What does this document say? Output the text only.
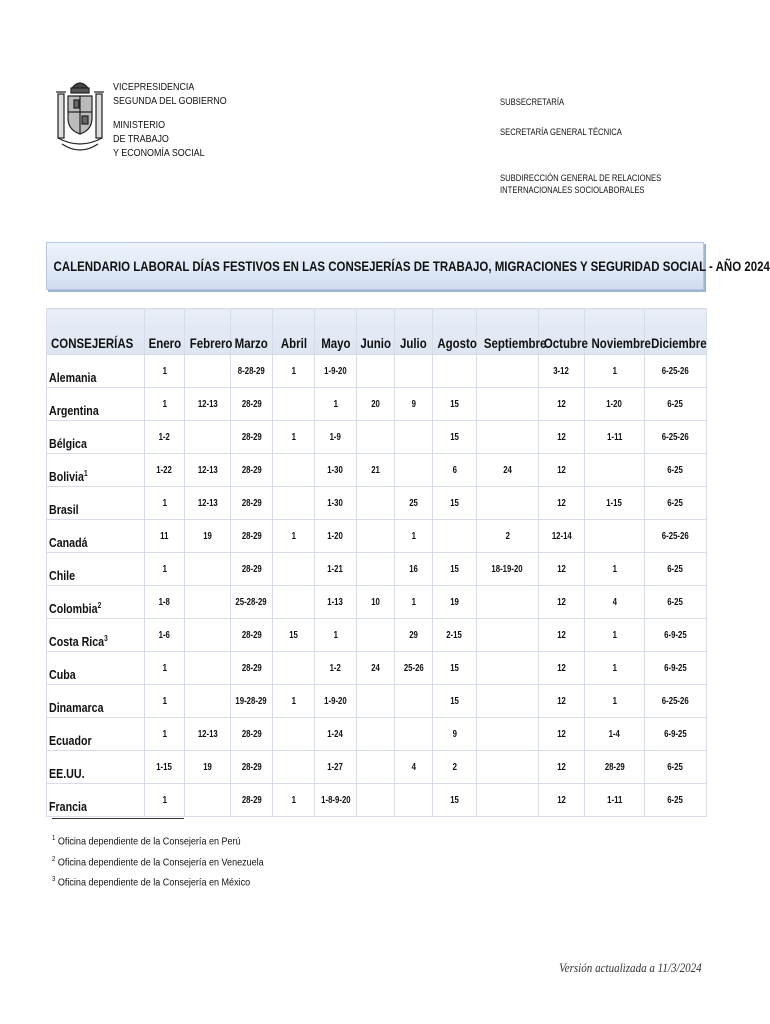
VICEPRESIDENCIA
SEGUNDA DEL GOBIERNO
MINISTERIO
DE TRABAJO
Y ECONOMÍA SOCIAL
SUBSECRETARÍA
SECRETARÍA GENERAL TÉCNICA
SUBDIRECCIÓN GENERAL DE RELACIONES
INTERNACIONALES SOCIOLABORALES
CALENDARIO LABORAL DÍAS FESTIVOS EN LAS CONSEJERÍAS DE TRABAJO, MIGRACIONES Y SEGURIDAD SOCIAL - AÑO 2024
CONSEJERÍAS	Enero	Febrero	Marzo	Abril	Mayo	Junio	Julio	Agosto	Septiembre	Octubre	Noviembre	Diciembre
Alemania	1		8-28-29	1	1-9-20					3-12	1	6-25-26
Argentina	1	12-13	28-29		1	20	9	15		12	1-20	6-25
Bélgica	1-2		28-29	1	1-9			15		12	1-11	6-25-26
Bolivia$^1$	1-22	12-13	28-29		1-30	21		6	24	12		6-25
Brasil	1	12-13	28-29		1-30		25	15		12	1-15	6-25
Canadá	11	19	28-29	1	1-20		1		2	12-14		6-25-26
Chile	1		28-29		1-21		16	15	18-19-20	12	1	6-25
Colombia$^2$	1-8		25-28-29		1-13	10	1	19		12	4	6-25
Costa Rica$^3$	1-6		28-29	15	1		29	2-15		12	1	6-9-25
Cuba	1		28-29		1-2	24	25-26	15		12	1	6-9-25
Dinamarca	1		19-28-29	1	1-9-20			15		12	1	6-25-26
Ecuador	1	12-13	28-29		1-24			9		12	1-4	6-9-25
EE.UU.	1-15	19	28-29		1-27		4	2		12	28-29	6-25
Francia	1		28-29	1	1-8-9-20			15		12	1-11	6-25
$^1$ Oficina dependiente de la Consejería en Perú
$^2$ Oficina dependiente de la Consejería en Venezuela
$^3$ Oficina dependiente de la Consejería en México
Versión actualizada a 11/3/2024
